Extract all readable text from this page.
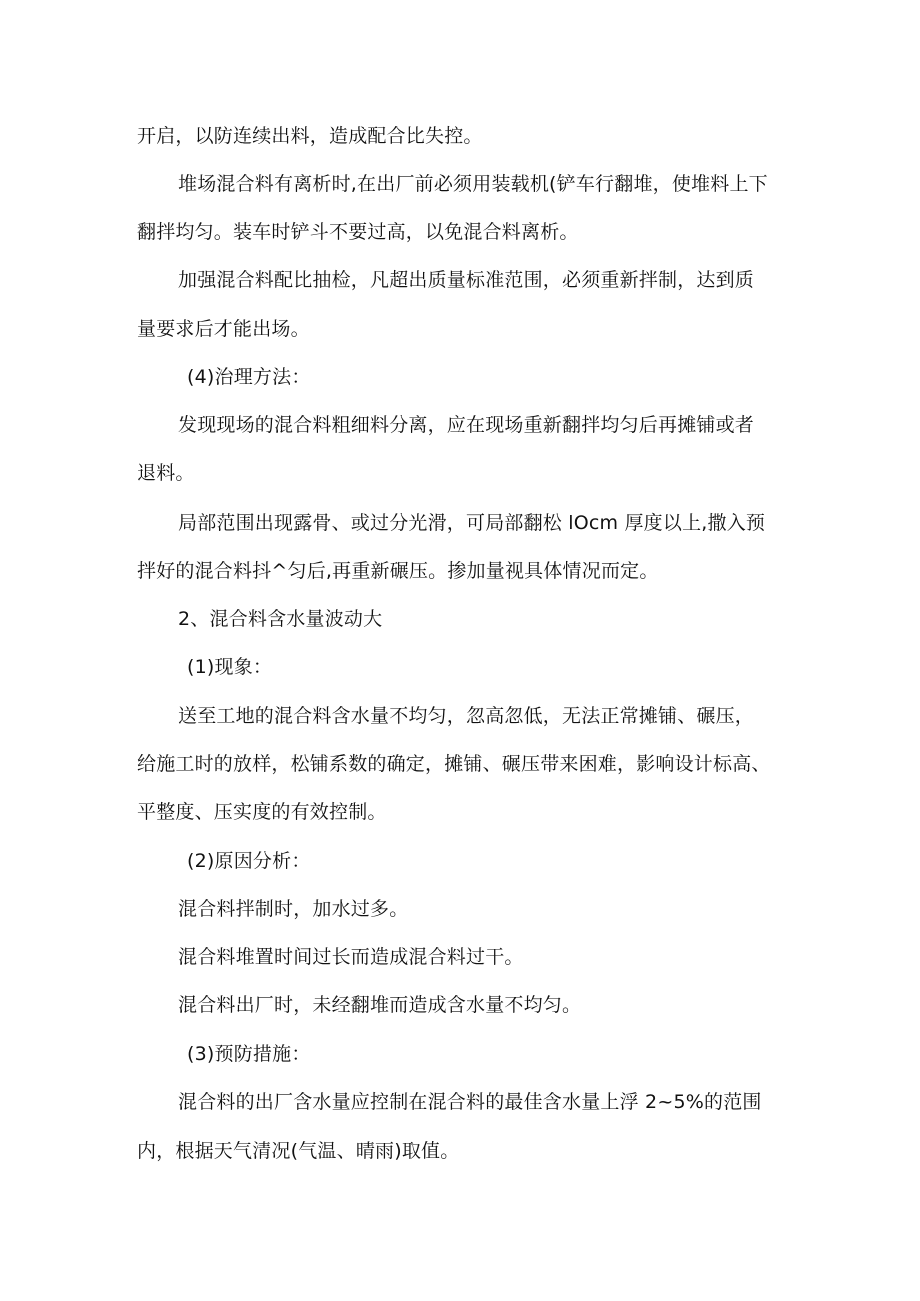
开启，以防连续出料，造成配合比失控。
堆场混合料有离析时,在出厂前必须用装载机(铲车行翻堆，使堆料上下
翻拌均匀。装车时铲斗不要过高，以免混合料离析。
加强混合料配比抽检，凡超出质量标准范围，必须重新拌制，达到质
量要求后才能出场。
(4)治理方法：
发现现场的混合料粗细料分离，应在现场重新翻拌均匀后再摊铺或者
退料。
局部范围出现露骨、或过分光滑，可局部翻松 lOcm 厚度以上,撒入预
拌好的混合料抖^匀后,再重新碾压。掺加量视具体情况而定。
2、混合料含水量波动大
(1)现象：
送至工地的混合料含水量不均匀，忽高忽低，无法正常摊铺、碾压，
给施工时的放样，松铺系数的确定，摊铺、碾压带来困难，影响设计标高、
平整度、压实度的有效控制。
(2)原因分析：
混合料拌制时，加水过多。
混合料堆置时间过长而造成混合料过干。
混合料出厂时，未经翻堆而造成含水量不均匀。
(3)预防措施：
混合料的出厂含水量应控制在混合料的最佳含水量上浮 2~5%的范围
内，根据天气清况(气温、晴雨)取值。
